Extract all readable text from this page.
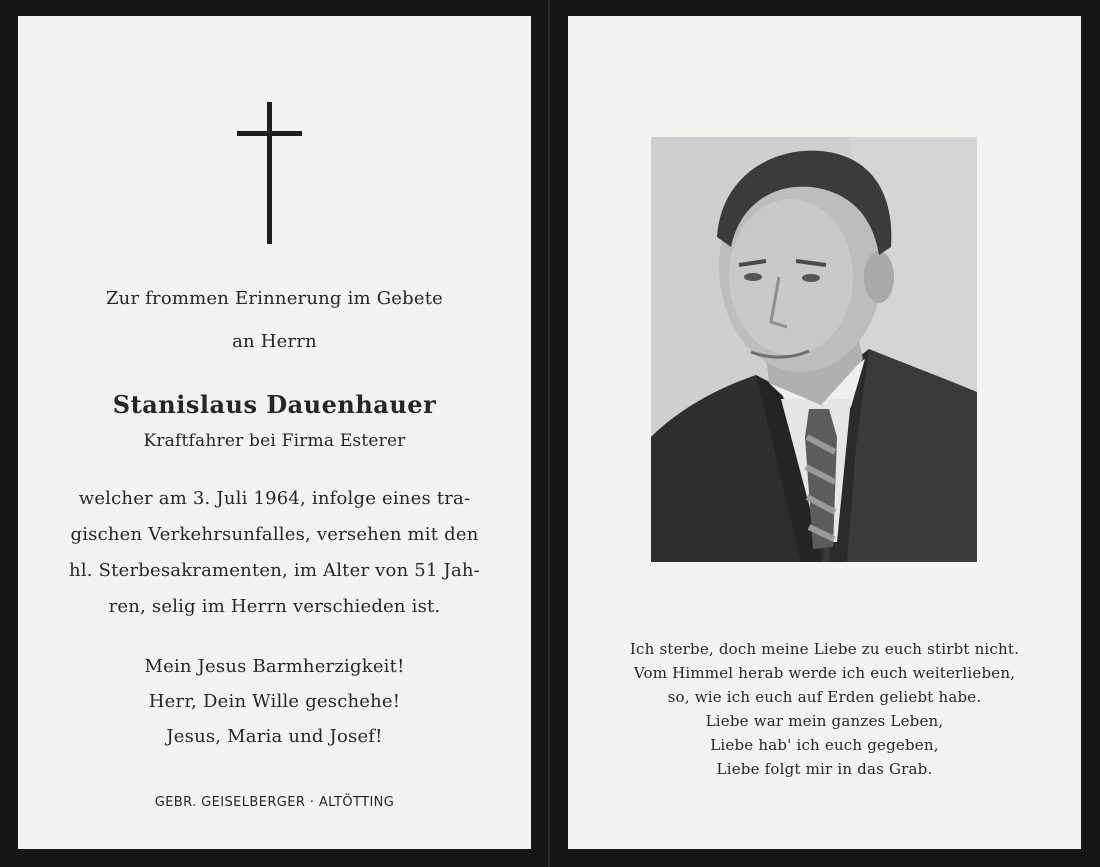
Zur frommen Erinnerung im Gebete
an Herrn
Stanislaus Dauenhauer
Kraftfahrer bei Firma Esterer
welcher am 3. Juli 1964, infolge eines tra-
gischen Verkehrsunfalles, versehen mit den
hl. Sterbesakramenten, im Alter von 51 Jah-
ren, selig im Herrn verschieden ist.
Mein Jesus Barmherzigkeit!
Herr, Dein Wille geschehe!
Jesus, Maria und Josef!
GEBR. GEISELBERGER · ALTÖTTING
Ich sterbe, doch meine Liebe zu euch stirbt nicht.
Vom Himmel herab werde ich euch weiterlieben,
so, wie ich euch auf Erden geliebt habe.
Liebe war mein ganzes Leben,
Liebe hab' ich euch gegeben,
Liebe folgt mir in das Grab.
